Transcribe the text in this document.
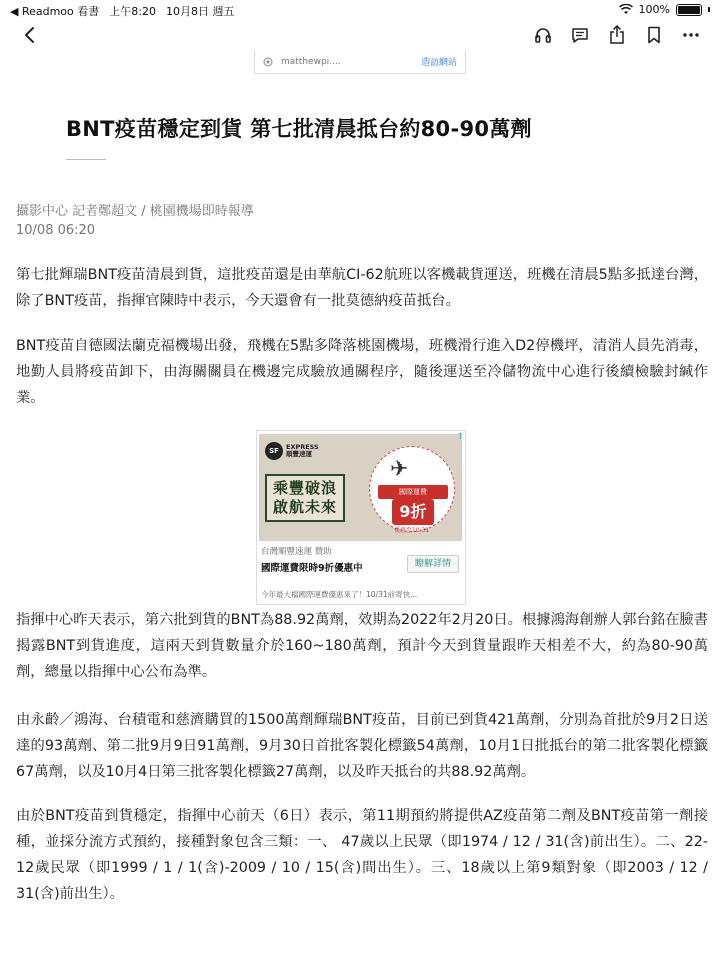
◀ Readmoo 看書 上午8:20 10月8日 週五	100%
matthewpi....	造訪網站
BNT疫苗穩定到貨 第七批清晨抵台約80-90萬劑
攝影中心 記者鄭超文 / 桃園機場即時報導
10/08 06:20

第七批輝瑞BNT疫苗清晨到貨，這批疫苗還是由華航CI-62航班以客機載貨運送，班機在清晨5點多抵達台灣，除了BNT疫苗，指揮官陳時中表示，今天還會有一批莫德納疫苗抵台。

BNT疫苗自德國法蘭克福機場出發，飛機在5點多降落桃園機場，班機滑行進入D2停機坪，清消人員先消毒，地勤人員將疫苗卸下，由海關關員在機邊完成驗放通關程序，隨後運送至冷儲物流中心進行後續檢驗封緘作業。

指揮中心昨天表示，第六批到貨的BNT為88.92萬劑，效期為2022年2月20日。根據鴻海創辦人郭台銘在臉書揭露BNT到貨進度，這兩天到貨數量介於160~180萬劑，預計今天到貨量跟昨天相差不大，約為80-90萬劑，總量以指揮中心公布為準。

由永齡／鴻海、台積電和慈濟購買的1500萬劑輝瑞BNT疫苗，目前已到貨421萬劑，分別為首批於9月2日送達的93萬劑、第二批9月9日91萬劑，9月30日首批客製化標籤54萬劑，10月1日批抵台的第二批客製化標籤67萬劑，以及10月4日第三批客製化標籤27萬劑，以及昨天抵台的共88.92萬劑。

由於BNT疫苗到貨穩定，指揮中心前天（6日）表示，第11期預約將提供AZ疫苗第二劑及BNT疫苗第一劑接種，並採分流方式預約，接種對象包含三類：一、 47歲以上民眾（即1974 / 12 / 31(含)前出生）。二、22-12歲民眾（即1999 / 1 / 1(含)-2009 / 10 / 15(含)間出生）。三、18歲以上第9類對象（即2003 / 12 / 31(含)前出生）。

SF	EXPRESS
順豐速運
乘豐破浪
啟航未來
✈
國際運費
9折
優惠至10.31
T
台灣順豐速運 贊助
國際運費限時9折優惠中	瞭解詳情
今年最大檔國際運費優惠來了！10/31前寄快...
